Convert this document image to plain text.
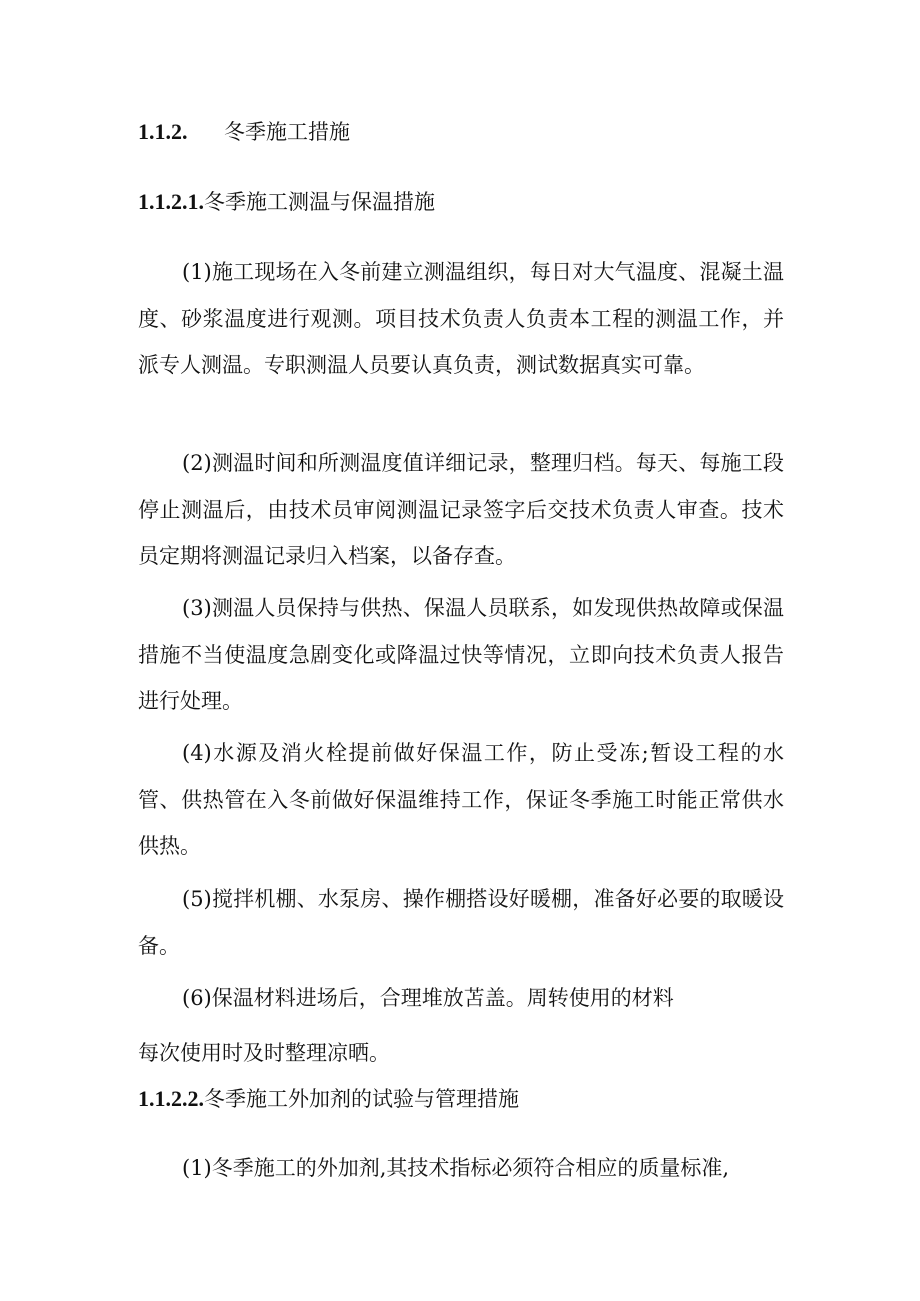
1.1.2. 冬季施工措施
1.1.2.1.冬季施工测温与保温措施

(1)施工现场在入冬前建立测温组织，每日对大气温度、混凝土温度、砂浆温度进行观测。项目技术负责人负责本工程的测温工作，并派专人测温。专职测温人员要认真负责，测试数据真实可靠。

(2)测温时间和所测温度值详细记录，整理归档。每天、每施工段停止测温后，由技术员审阅测温记录签字后交技术负责人审查。技术员定期将测温记录归入档案，以备存查。

(3)测温人员保持与供热、保温人员联系，如发现供热故障或保温措施不当使温度急剧变化或降温过快等情况，立即向技术负责人报告进行处理。

(4)水源及消火栓提前做好保温工作，防止受冻;暂设工程的水管、供热管在入冬前做好保温维持工作，保证冬季施工时能正常供水供热。

(5)搅拌机棚、水泵房、操作棚搭设好暖棚，准备好必要的取暖设备。

(6)保温材料进场后，合理堆放苫盖。周转使用的材料

每次使用时及时整理凉晒。

1.1.2.2.冬季施工外加剂的试验与管理措施

(1)冬季施工的外加剂,其技术指标必须符合相应的质量标准,
